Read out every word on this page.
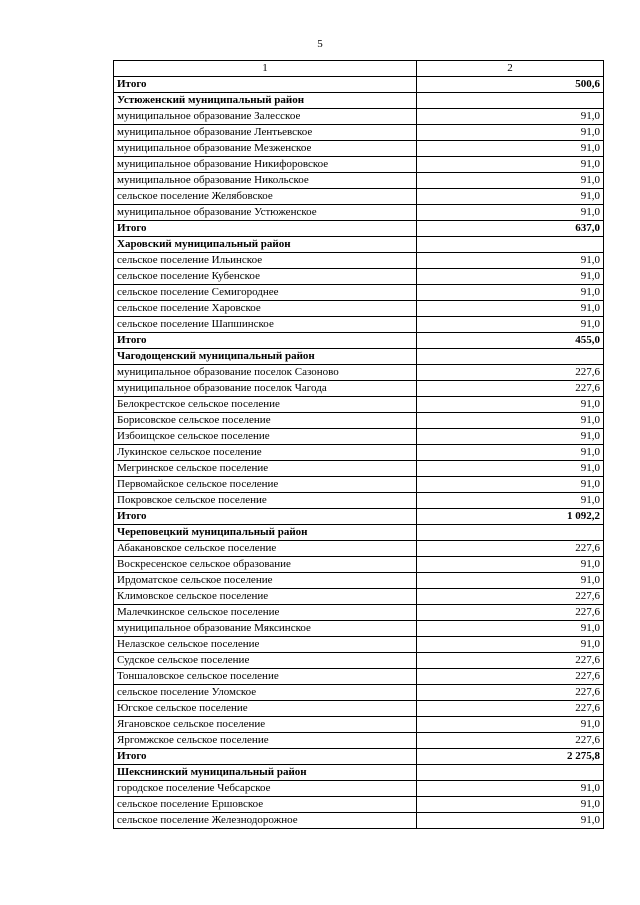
5
1	2
Итого	500,6
Устюженский муниципальный район	
муниципальное образование Залесское	91,0
муниципальное образование Лентьевское	91,0
муниципальное образование Мезженское	91,0
муниципальное образование Никифоровское	91,0
муниципальное образование Никольское	91,0
сельское поселение Желябовское	91,0
муниципальное образование Устюженское	91,0
Итого	637,0
Харовский муниципальный район	
сельское поселение Ильинское	91,0
сельское поселение Кубенское	91,0
сельское поселение Семигороднее	91,0
сельское поселение Харовское	91,0
сельское поселение Шапшинское	91,0
Итого	455,0
Чагодощенский муниципальный район	
муниципальное образование поселок Сазоново	227,6
муниципальное образование поселок Чагода	227,6
Белокрестское сельское поселение	91,0
Борисовское сельское поселение	91,0
Избоищское сельское поселение	91,0
Лукинское сельское поселение	91,0
Мегринское сельское поселение	91,0
Первомайское сельское поселение	91,0
Покровское сельское поселение	91,0
Итого	1 092,2
Череповецкий муниципальный район	
Абакановское сельское поселение	227,6
Воскресенское сельское образование	91,0
Ирдоматское сельское поселение	91,0
Климовское сельское поселение	227,6
Малечкинское сельское поселение	227,6
муниципальное образование Мяксинское	91,0
Нелазское сельское поселение	91,0
Судское сельское поселение	227,6
Тоншаловское сельское поселение	227,6
сельское поселение Уломское	227,6
Югское сельское поселение	227,6
Ягановское сельское поселение	91,0
Яргомжское сельское поселение	227,6
Итого	2 275,8
Шекснинский муниципальный район	
городское поселение Чебсарское	91,0
сельское поселение Ершовское	91,0
сельское поселение Железнодорожное	91,0
